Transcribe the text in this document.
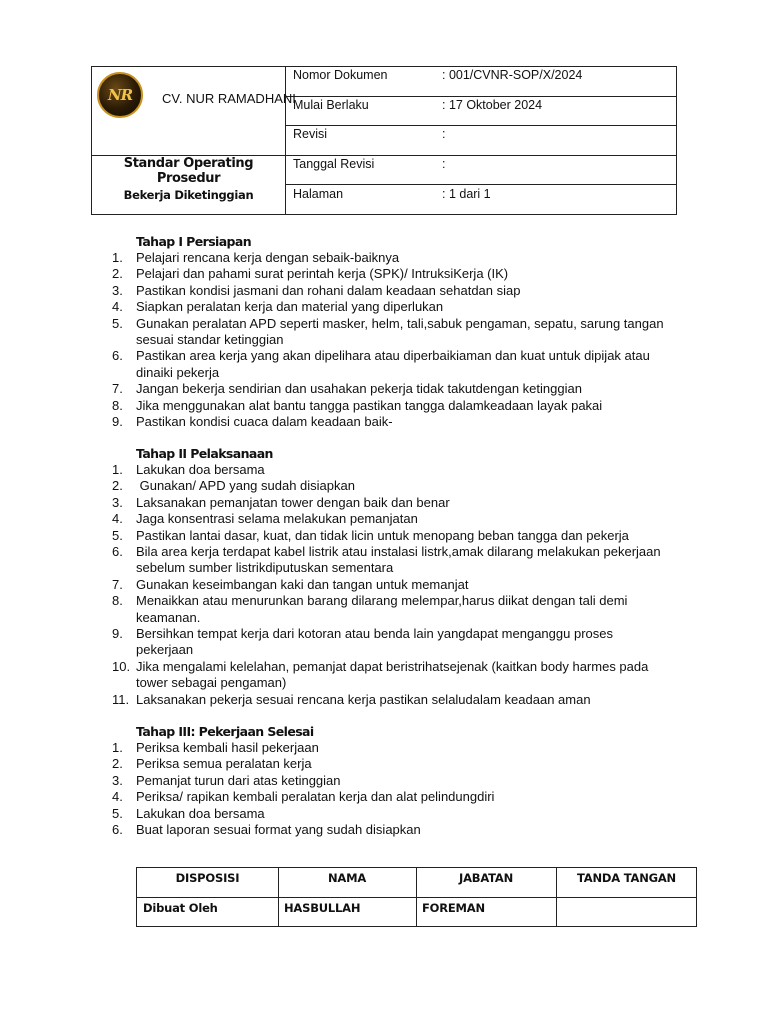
NR CV. NUR RAMADHANI
Standar Operating Prosedur
Bekerja Diketinggian
Nomor Dokumen	: 001/CVNR-SOP/X/2024
Mulai Berlaku	: 17 Oktober 2024
Revisi	:
Tanggal Revisi	:
Halaman	: 1 dari 1
Tahap I Persiapan
1.	Pelajari rencana kerja dengan sebaik-baiknya
2.	Pelajari dan pahami surat perintah kerja (SPK)/ IntruksiKerja (IK)
3.	Pastikan kondisi jasmani dan rohani dalam keadaan sehatdan siap
4.	Siapkan peralatan kerja dan material yang diperlukan
5.	Gunakan peralatan APD seperti masker, helm, tali,sabuk pengaman, sepatu, sarung tangan sesuai standar ketinggian
6.	Pastikan area kerja yang akan dipelihara atau diperbaikiaman dan kuat untuk dipijak atau dinaiki pekerja
7.	Jangan bekerja sendirian dan usahakan pekerja tidak takutdengan ketinggian
8.	Jika menggunakan alat bantu tangga pastikan tangga dalamkeadaan layak pakai
9.	Pastikan kondisi cuaca dalam keadaan baik-
Tahap II Pelaksanaan
1.	Lakukan doa bersama
2.	Gunakan/ APD yang sudah disiapkan
3.	Laksanakan pemanjatan tower dengan baik dan benar
4.	Jaga konsentrasi selama melakukan pemanjatan
5.	Pastikan lantai dasar, kuat, dan tidak licin untuk menopang beban tangga dan pekerja
6.	Bila area kerja terdapat kabel listrik atau instalasi listrk,amak dilarang melakukan pekerjaan sebelum sumber listrikdiputuskan sementara
7.	Gunakan keseimbangan kaki dan tangan untuk memanjat
8.	Menaikkan atau menurunkan barang dilarang melempar,harus diikat dengan tali demi keamanan.
9.	Bersihkan tempat kerja dari kotoran atau benda lain yangdapat menganggu proses pekerjaan
10. Jika mengalami kelelahan, pemanjat dapat beristrihatsejenak (kaitkan body harmes pada tower sebagai pengaman)
11. Laksanakan pekerja sesuai rencana kerja pastikan selaludalam keadaan aman
Tahap III: Pekerjaan Selesai
1.	Periksa kembali hasil pekerjaan
2.	Periksa semua peralatan kerja
3.	Pemanjat turun dari atas ketinggian
4.	Periksa/ rapikan kembali peralatan kerja dan alat pelindungdiri
5.	Lakukan doa bersama
6.	Buat laporan sesuai format yang sudah disiapkan
DISPOSISI	NAMA	JABATAN	TANDA TANGAN
Dibuat Oleh	HASBULLAH	FOREMAN
